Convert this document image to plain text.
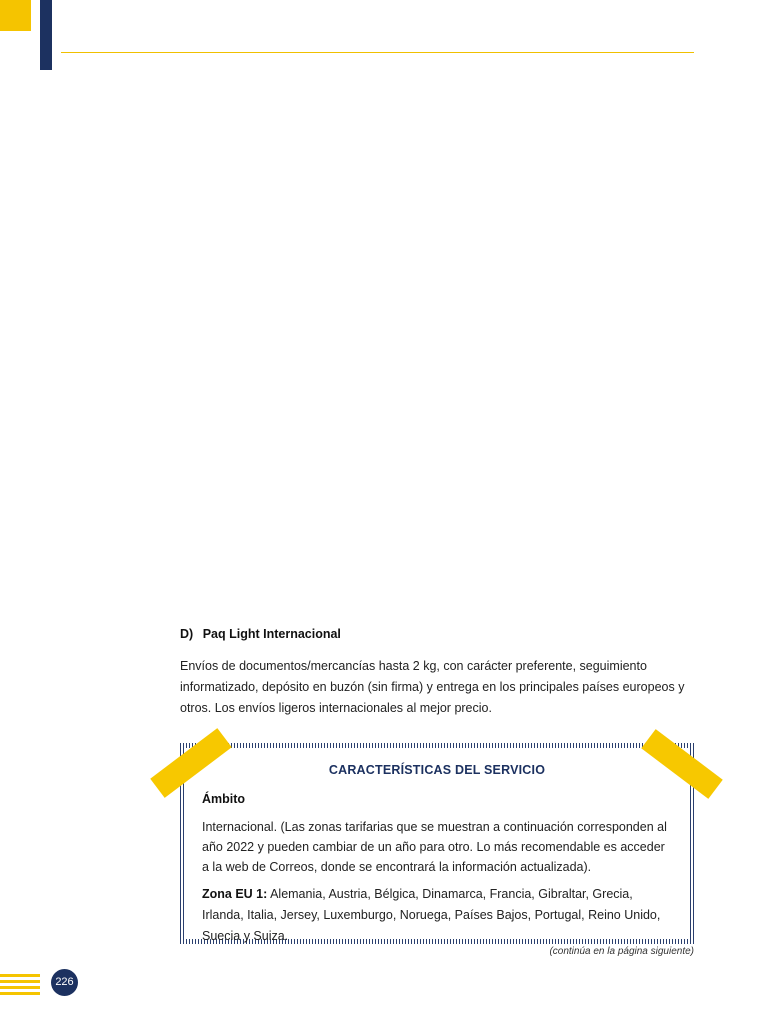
D) Paq Light Internacional
Envíos de documentos/mercancías hasta 2 kg, con carácter preferente, seguimiento informatizado, depósito en buzón (sin firma) y entrega en los principales países europeos y otros. Los envíos ligeros internacionales al mejor precio.
CARACTERÍSTICAS DEL SERVICIO
Ámbito
Internacional. (Las zonas tarifarias que se muestran a continuación corresponden al año 2022 y pueden cambiar de un año para otro. Lo más recomendable es acceder a la web de Correos, donde se encontrará la información actualizada).
Zona EU 1: Alemania, Austria, Bélgica, Dinamarca, Francia, Gibraltar, Grecia, Irlanda, Italia, Jersey, Luxemburgo, Noruega, Países Bajos, Portugal, Reino Unido, Suecia y Suiza.
(continúa en la página siguiente)
226
